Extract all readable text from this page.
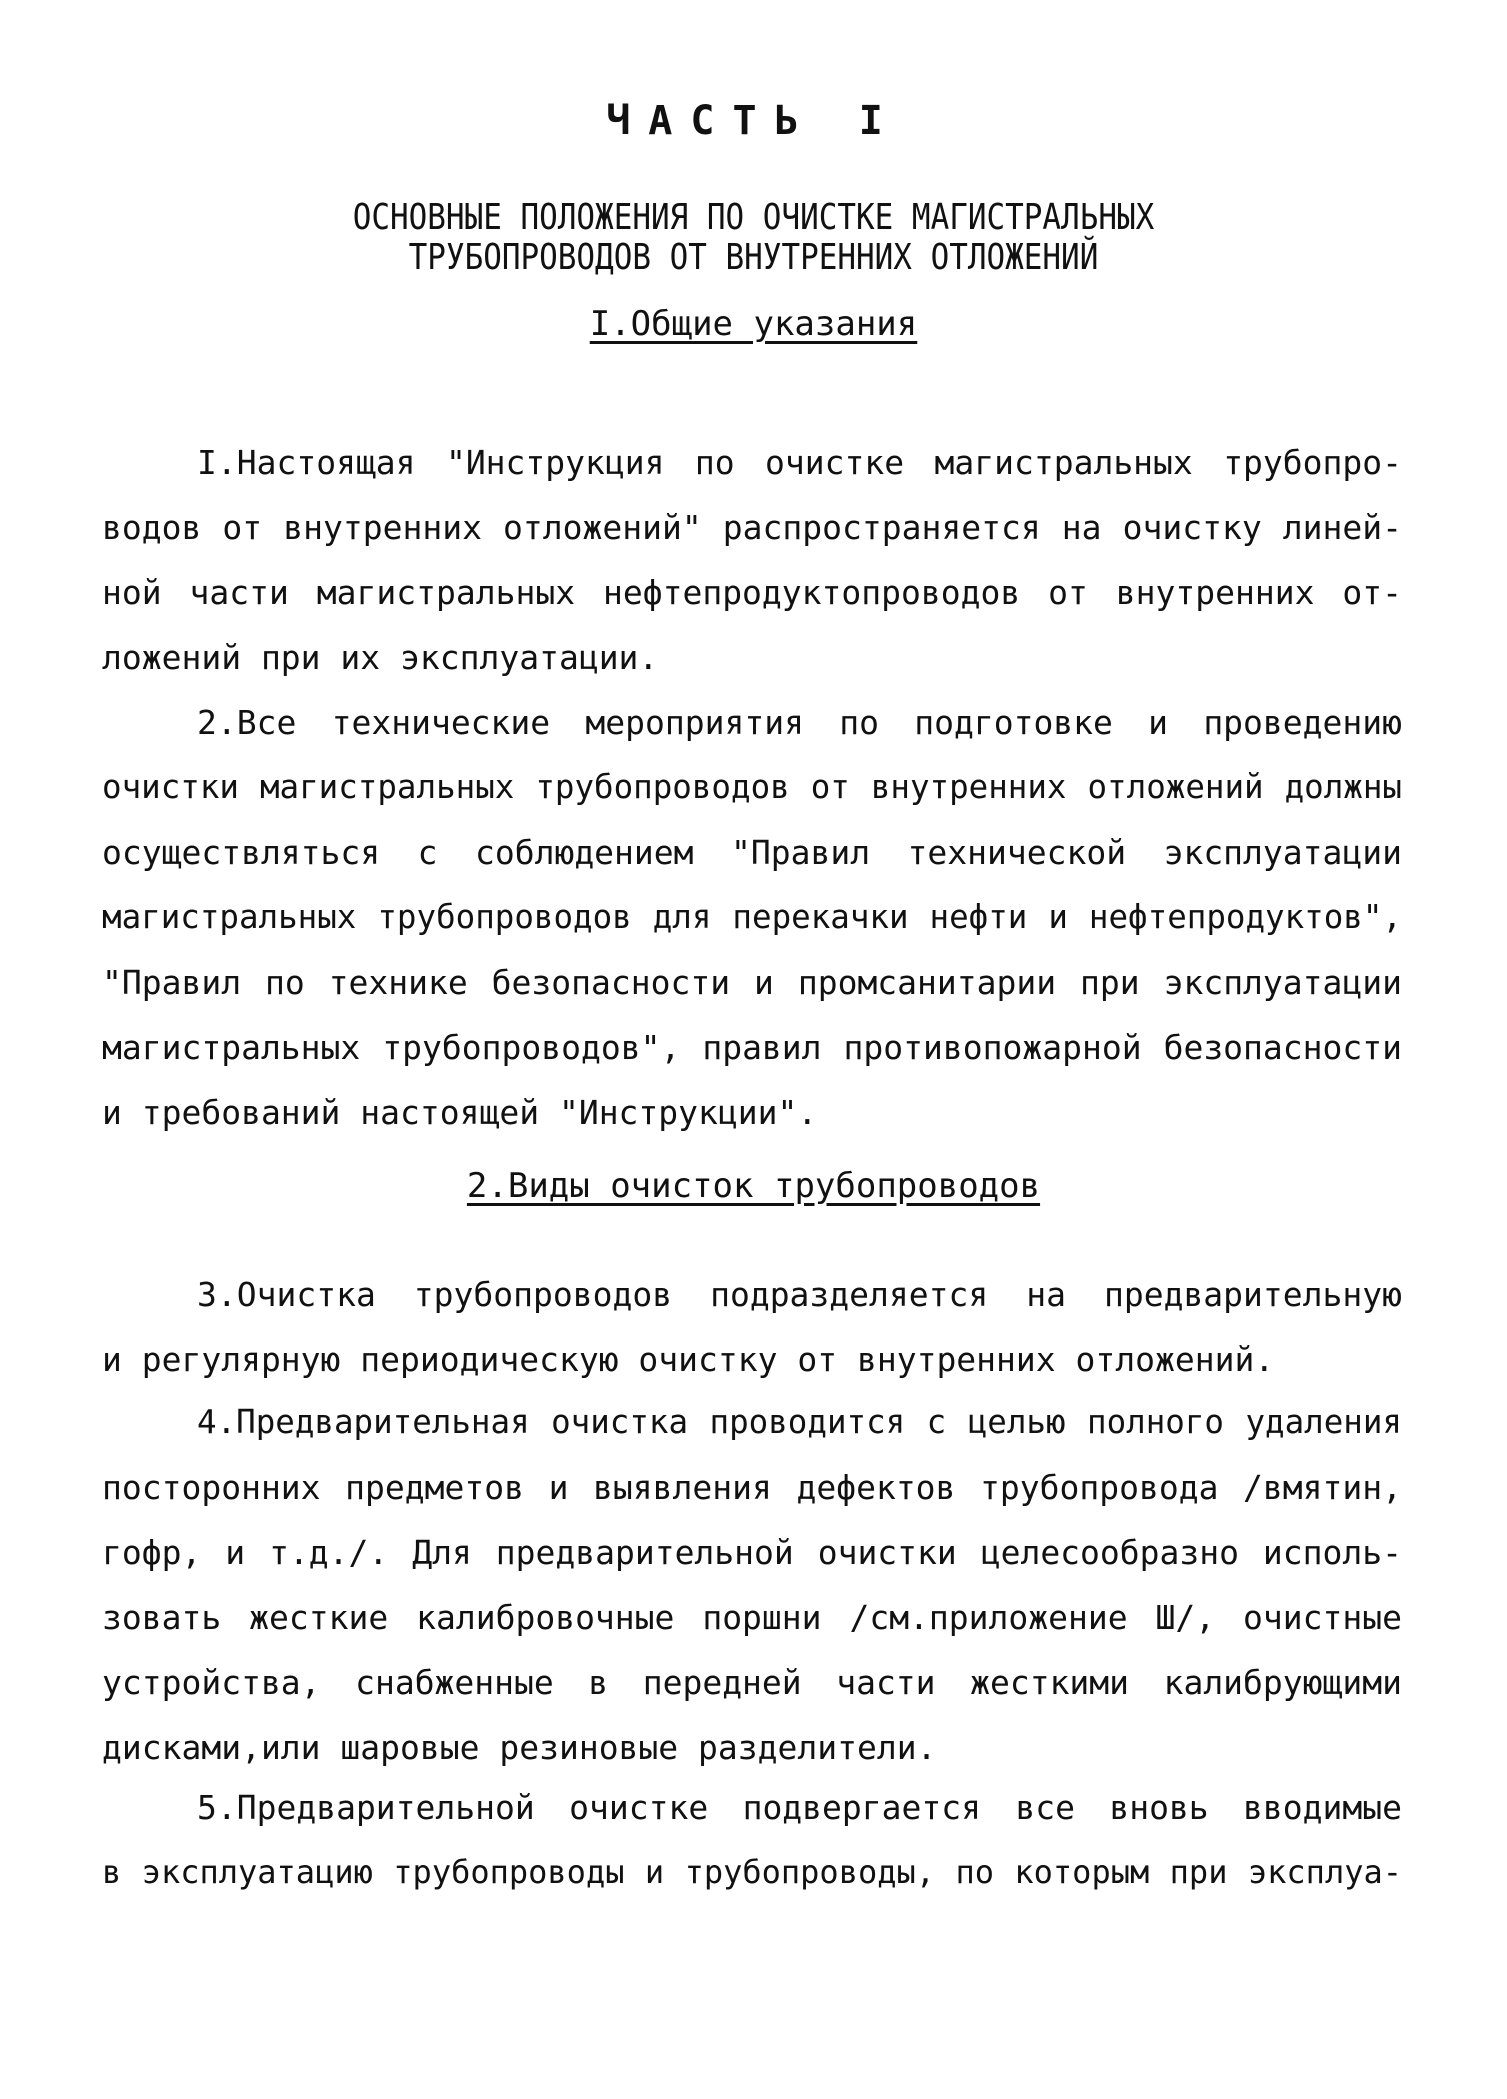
ЧАСТЬ I
ОСНОВНЫЕ ПОЛОЖЕНИЯ ПО ОЧИСТКЕ МАГИСТРАЛЬНЫХ
ТРУБОПРОВОДОВ ОТ ВНУТРЕННИХ ОТЛОЖЕНИЙ
I.Общие указания
I.Настоящая "Инструкция по очистке магистральных трубопро-
водов от внутренних отложений" распространяется на очистку линей-
ной части магистральных нефтепродуктопроводов от внутренних от-
ложений при их эксплуатации.
2.Все технические мероприятия по подготовке и проведению
очистки магистральных трубопроводов от внутренних отложений должны
осуществляться с соблюдением "Правил технической эксплуатации
магистральных трубопроводов для перекачки нефти и нефтепродуктов",
"Правил по технике безопасности и промсанитарии при эксплуатации
магистральных трубопроводов", правил противопожарной безопасности
и требований настоящей "Инструкции".
2.Виды очисток трубопроводов
3.Очистка трубопроводов подразделяется на предварительную
и регулярную периодическую очистку от внутренних отложений.
4.Предварительная очистка проводится с целью полного удаления
посторонних предметов и выявления дефектов трубопровода /вмятин,
гофр, и т.д./. Для предварительной очистки целесообразно исполь-
зовать жесткие калибровочные поршни /см.приложение Ш/, очистные
устройства, снабженные в передней части жесткими калибрующими
дисками,или шаровые резиновые разделители.
5.Предварительной очистке подвергается все вновь вводимые
в эксплуатацию трубопроводы и трубопроводы, по которым при эксплуа-
